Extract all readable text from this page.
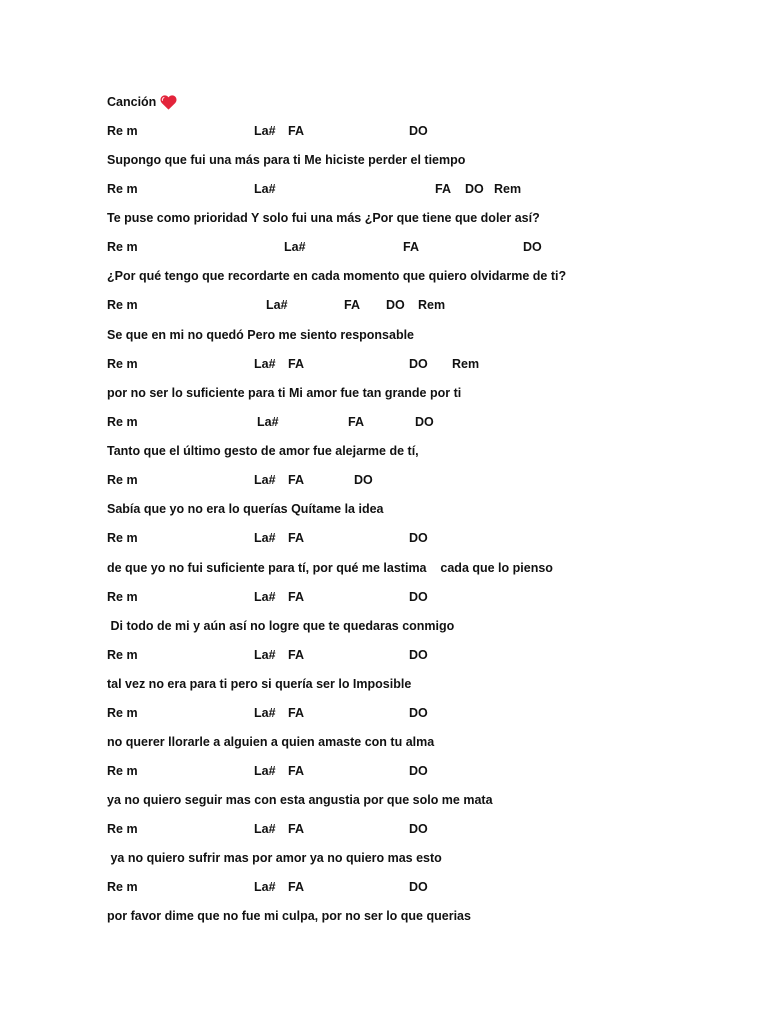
Canción
Re m	La# FA	DO
Supongo que fui una más para ti Me hiciste perder el tiempo
Re m	La#	FA DO Rem
Te puse como prioridad Y solo fui una más ¿Por que tiene que doler así?
Re m	La#	FA	DO
¿Por qué tengo que recordarte en cada momento que quiero olvidarme de ti?
Re m	La#	FA DO Rem
Se que en mi no quedó Pero me siento responsable
Re m	La# FA	DO Rem
por no ser lo suficiente para ti Mi amor fue tan grande por ti
Re m	La#	FA	DO
Tanto que el último gesto de amor fue alejarme de tí,
Re m	La# FA	DO
Sabía que yo no era lo querías Quítame la idea
Re m	La# FA	DO
de que yo no fui suficiente para tí, por qué me lastima    cada que lo pienso
Re m	La# FA	DO
Di todo de mi y aún así no logre que te quedaras conmigo
Re m	La# FA	DO
tal vez no era para ti pero si quería ser lo Imposible
Re m	La# FA	DO
no querer llorarle a alguien a quien amaste con tu alma
Re m	La# FA	DO
ya no quiero seguir mas con esta angustia por que solo me mata
Re m	La# FA	DO
ya no quiero sufrir mas por amor ya no quiero mas esto
Re m	La# FA	DO
por favor dime que no fue mi culpa, por no ser lo que querias
